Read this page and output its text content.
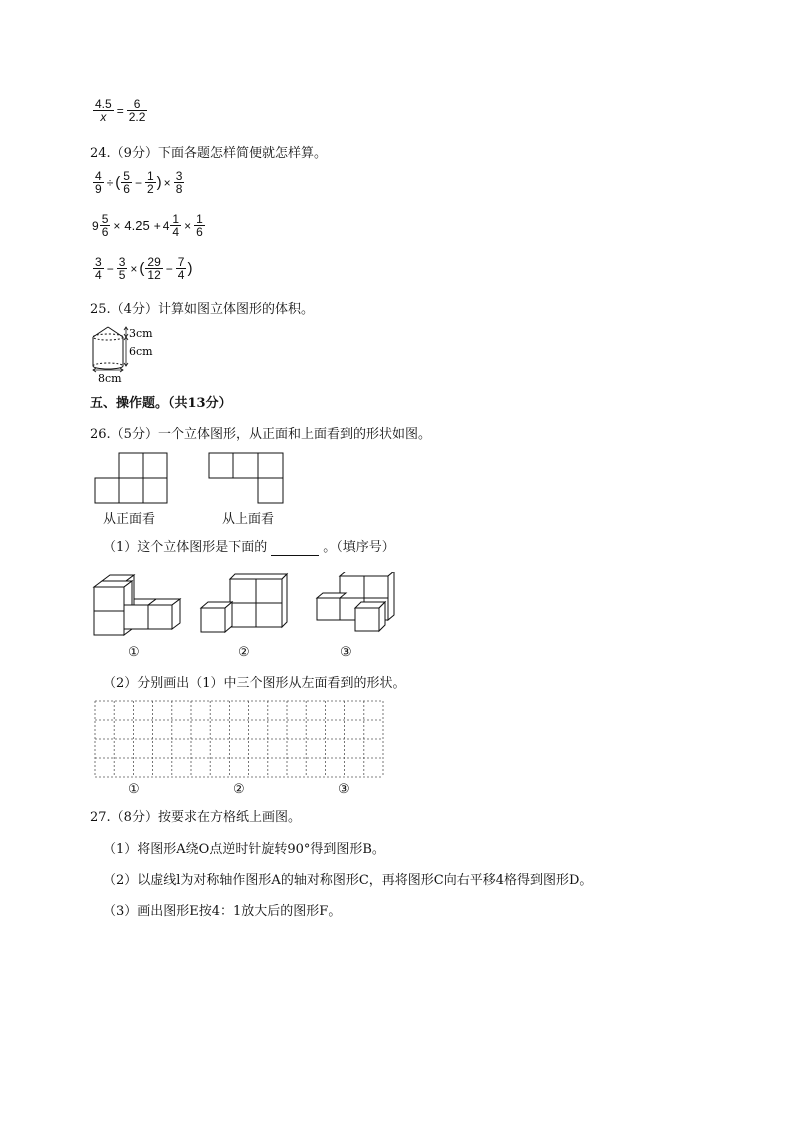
$\frac{4.5}{x} = \frac{6}{2.2}$
24.（9分）下面各题怎样简便就怎样算。
$\frac{4}{9}$ ÷ ( $\frac{5}{6} - \frac{1}{2}$ ) × $\frac{3}{8}$
$9 \frac{5}{6} \times 4.25 + 4 \frac{1}{4} \times \frac{1}{6}$
$\frac{3}{4} - \frac{3}{5}$ × ( $\frac{29}{12} - \frac{7}{4}$ )
25.（4分）计算如图立体图形的体积。
3cm
6cm
8cm
五、操作题。（共13分）
26.（5分）一个立体图形，从正面和上面看到的形状如图。
从正面看	从上面看
（1）这个立体图形是下面的	。（填序号）
①	②	③
（2）分别画出（1）中三个图形从左面看到的形状。
①	②	③
27.（8分）按要求在方格纸上画图。
（1）将图形A绕O点逆时针旋转90°得到图形B。
（2）以虚线l为对称轴作图形A的轴对称图形C，再将图形C向右平移4格得到图形D。
（3）画出图形E按4：1放大后的图形F。
